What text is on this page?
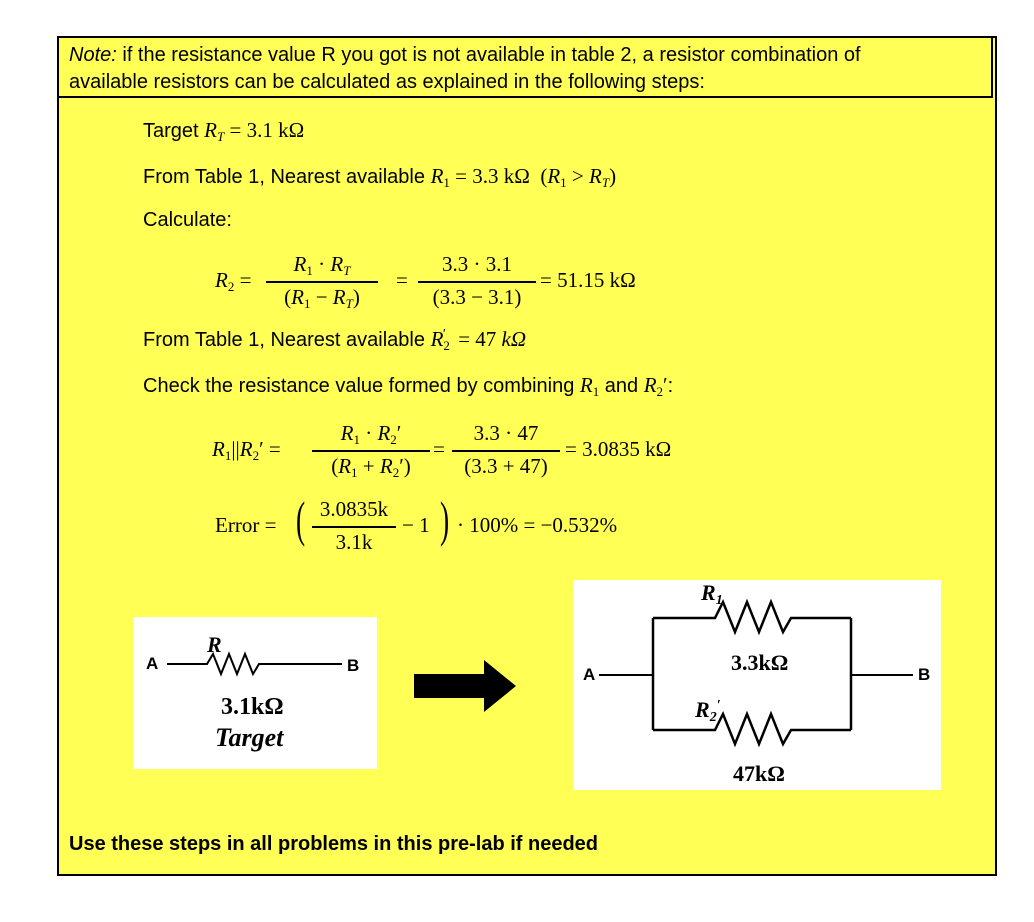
Note: if the resistance value R you got is not available in table 2, a resistor combination of
available resistors can be calculated as explained in the following steps:
Target $R_T = 3.1$ kΩ
From Table 1, Nearest available $R_1 = 3.3$ kΩ  $(R_1 > R_T)$
Calculate:
$R_2$ =
$R_1 \cdot R_T$
$(R_1 - R_T)$
=
3.3 · 3.1
(3.3 − 3.1)
= 51.15 kΩ
From Table 1, Nearest available $R_2' = 47$ kΩ
Check the resistance value formed by combining $R_1$ and $R_2'$:
$R_1||R_2'$ =
$R_1 \cdot R_2'$
$(R_1 + R_2')$
=
3.3 · 47
(3.3 + 47)
= 3.0835 kΩ
Error = ( 3.0835k
3.1k
− 1 ) · 100% = −0.532%
A	B
R
3.1kΩ
Target
A	B
$R_1$
3.3kΩ
$R_2'$
47kΩ
Use these steps in all problems in this pre-lab if needed
